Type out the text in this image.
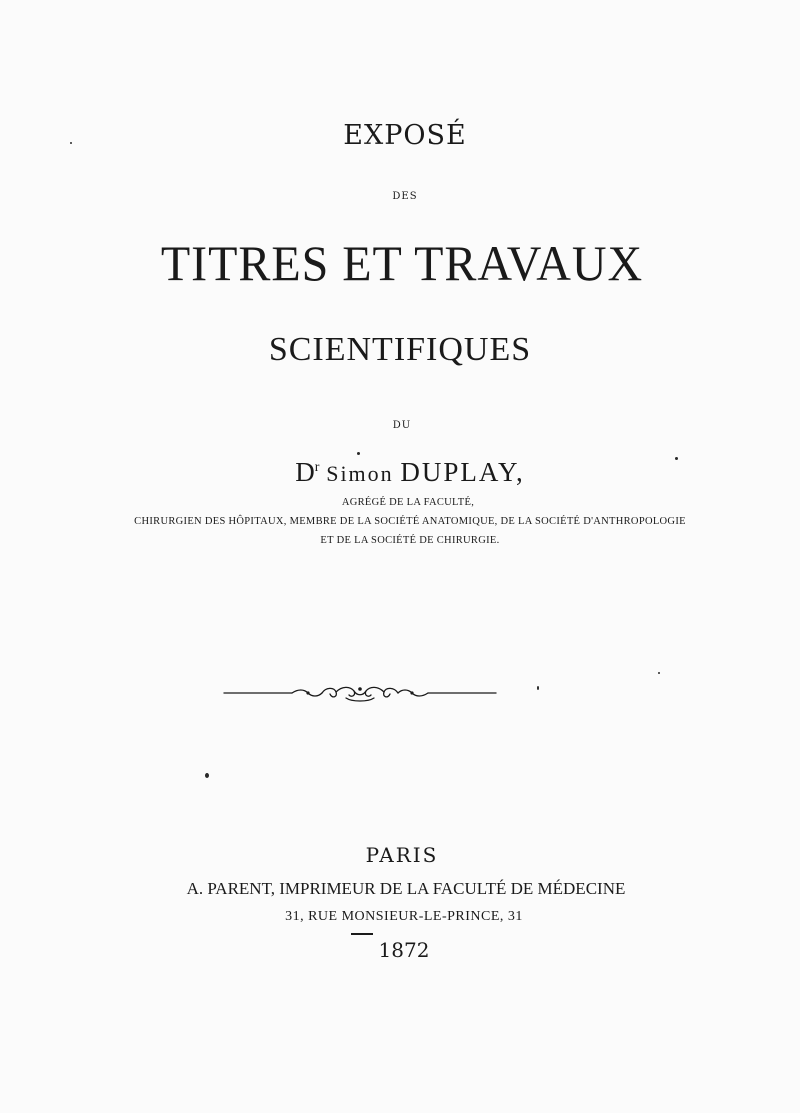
EXPOSÉ
DES
TITRES ET TRAVAUX
SCIENTIFIQUES
DU
$D^r$ Simon DUPLAY,
AGRÉGÉ DE LA FACULTÉ,
CHIRURGIEN DES HÔPITAUX, MEMBRE DE LA SOCIÉTÉ ANATOMIQUE, DE LA SOCIÉTÉ D'ANTHROPOLOGIE
ET DE LA SOCIÉTÉ DE CHIRURGIE.
PARIS
A. PARENT, IMPRIMEUR DE LA FACULTÉ DE MÉDECINE
31, RUE MONSIEUR-LE-PRINCE, 31
1872
